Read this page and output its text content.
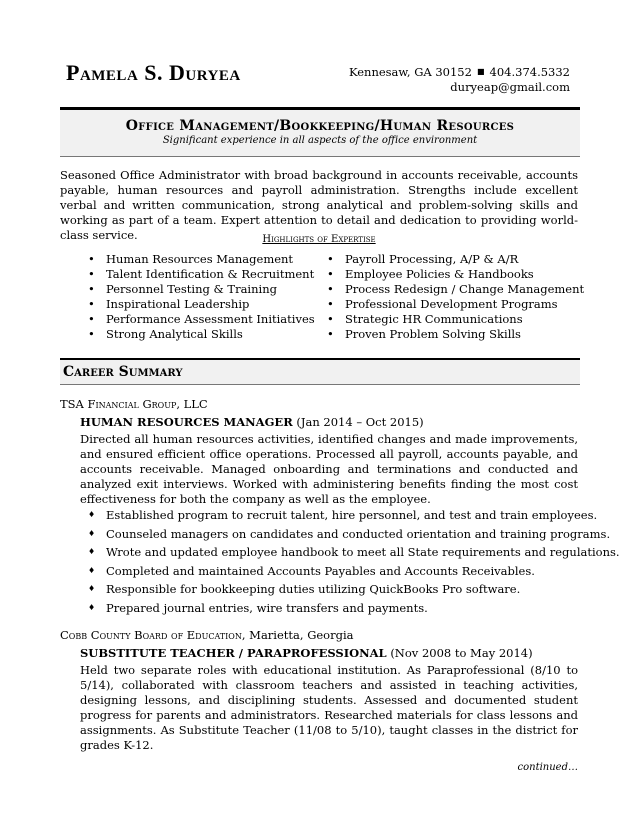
Pamela S. Duryea	Kennesaw, GA 30152 ■ 404.374.5332
duryeap@gmail.com
Office Management/Bookkeeping/Human Resources
Significant experience in all aspects of the office environment

Seasoned Office Administrator with broad background in accounts receivable, accounts payable, human resources and payroll administration. Strengths include excellent verbal and written communication, strong analytical and problem-solving skills and working as part of a team. Expert attention to detail and dedication to providing world-class service.	Highlights of Expertise
• Human Resources Management
• Talent Identification & Recruitment
• Personnel Testing & Training
• Inspirational Leadership
• Performance Assessment Initiatives
• Strong Analytical Skills
• Payroll Processing, A/P & A/R
• Employee Policies & Handbooks
• Process Redesign / Change Management
• Professional Development Programs
• Strategic HR Communications
• Proven Problem Solving Skills
Career Summary

TSA Financial Group, LLC

HUMAN RESOURCES MANAGER (Jan 2014 – Oct 2015)

Directed all human resources activities, identified changes and made improvements, and ensured efficient office operations. Processed all payroll, accounts payable, and accounts receivable. Managed onboarding and terminations and conducted and analyzed exit interviews. Worked with administering benefits finding the most cost effectiveness for both the company as well as the employee.

♦ Established program to recruit talent, hire personnel, and test and train employees.
♦ Counseled managers on candidates and conducted orientation and training programs.
♦ Wrote and updated employee handbook to meet all State requirements and regulations.
♦ Completed and maintained Accounts Payables and Accounts Receivables.
♦ Responsible for bookkeeping duties utilizing QuickBooks Pro software.
♦ Prepared journal entries, wire transfers and payments.

Cobb County Board of Education, Marietta, Georgia

SUBSTITUTE TEACHER / PARAPROFESSIONAL (Nov 2008 to May 2014)

Held two separate roles with educational institution. As Paraprofessional (8/10 to 5/14), collaborated with classroom teachers and assisted in teaching activities, designing lessons, and disciplining students. Assessed and documented student progress for parents and administrators. Researched materials for class lessons and assignments. As Substitute Teacher (11/08 to 5/10), taught classes in the district for grades K-12.

continued…
